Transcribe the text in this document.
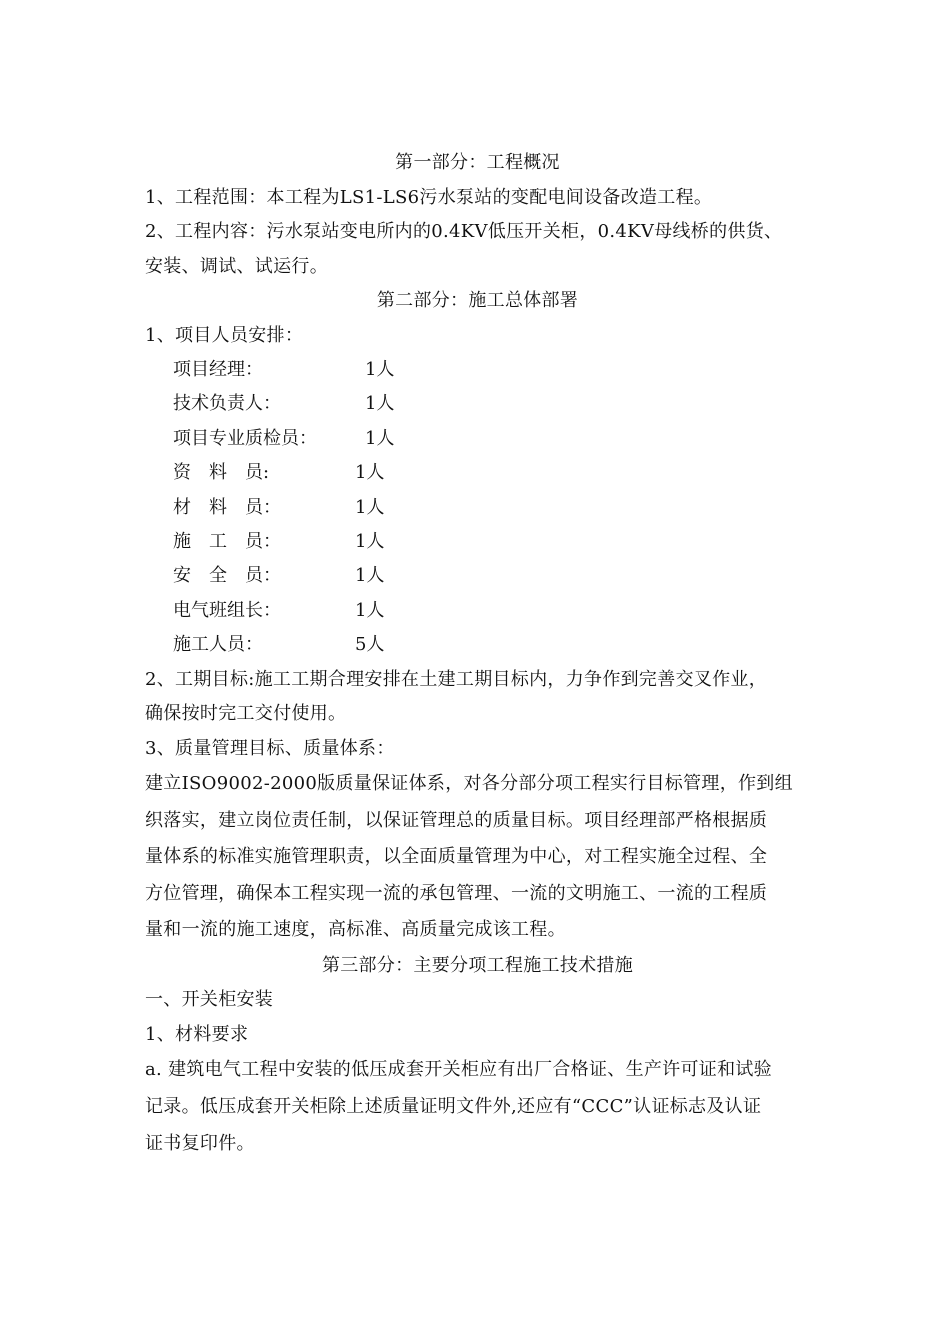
第一部分：工程概况
1、工程范围：本工程为LS1-LS6污水泵站的变配电间设备改造工程。
2、工程内容：污水泵站变电所内的0.4KV低压开关柜，0.4KV母线桥的供货、
安装、调试、试运行。
第二部分：施工总体部署
1、项目人员安排：
项目经理：	1人
技术负责人：	1人
项目专业质检员：	1人
资　料　员:	1人
材　料　员：	1人
施　工　员：	1人
安　全　员：	1人
电气班组长：	1人
施工人员：	5人
2、工期目标:施工工期合理安排在土建工期目标内，力争作到完善交叉作业，
确保按时完工交付使用。
3、质量管理目标、质量体系：
建立ISO9002-2000版质量保证体系，对各分部分项工程实行目标管理，作到组
织落实，建立岗位责任制，以保证管理总的质量目标。项目经理部严格根据质
量体系的标准实施管理职责，以全面质量管理为中心，对工程实施全过程、全
方位管理，确保本工程实现一流的承包管理、一流的文明施工、一流的工程质
量和一流的施工速度，高标准、高质量完成该工程。
第三部分：主要分项工程施工技术措施
一、开关柜安装
1、材料要求
a. 建筑电气工程中安装的低压成套开关柜应有出厂合格证、生产许可证和试验
记录。低压成套开关柜除上述质量证明文件外,还应有“CCC”认证标志及认证
证书复印件。
